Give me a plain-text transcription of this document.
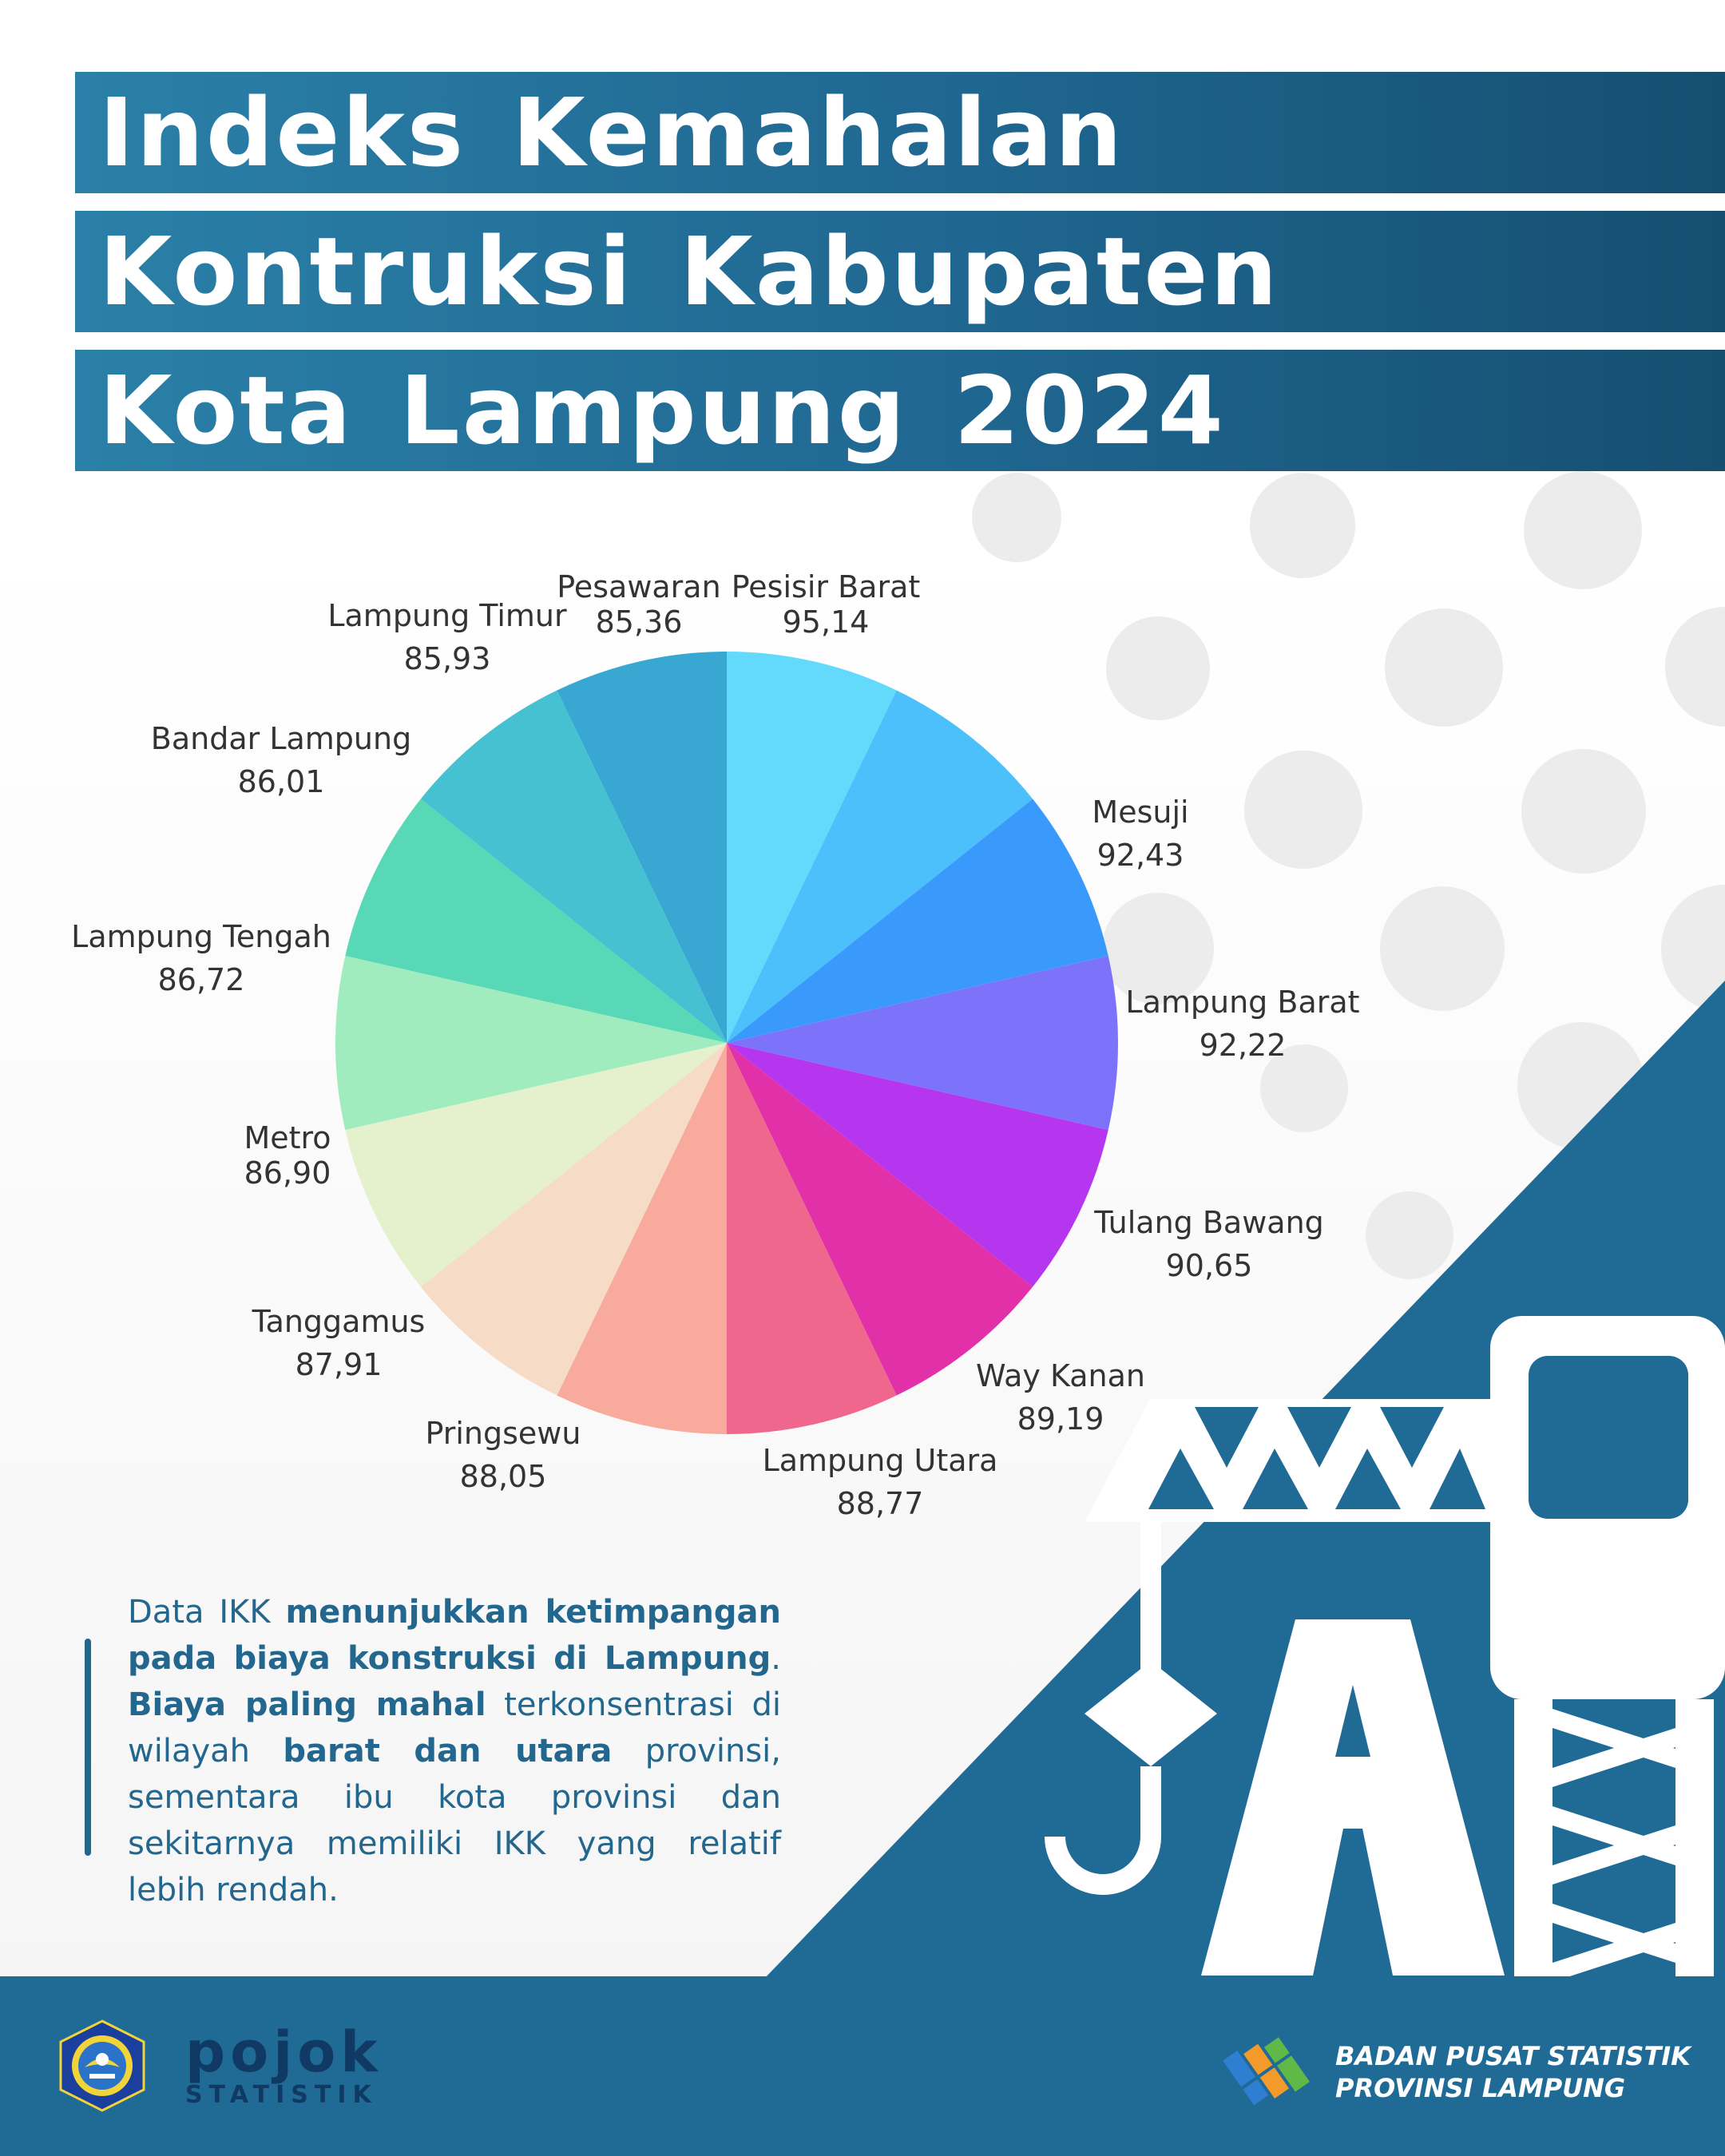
Indeks Kemahalan
Kontruksi Kabupaten
Kota Lampung 2024
Pesisir Barat
95,14
Mesuji
92,43
Lampung Barat
92,22
Tulang Bawang
90,65
Way Kanan
89,19
Lampung Utara
88,77
Pringsewu
88,05
Tanggamus
87,91
Metro
86,90
Lampung Tengah
86,72
Bandar Lampung
86,01
Lampung Timur
85,93
Pesawaran
85,36
Data IKK menunjukkan ketimpangan pada biaya konstruksi di Lampung. Biaya paling mahal terkonsentrasi di wilayah barat dan utara provinsi, sementara ibu kota provinsi dan sekitarnya memiliki IKK yang relatif lebih rendah.
pojok
STATISTIK
BADAN PUSAT STATISTIK
PROVINSI LAMPUNG
